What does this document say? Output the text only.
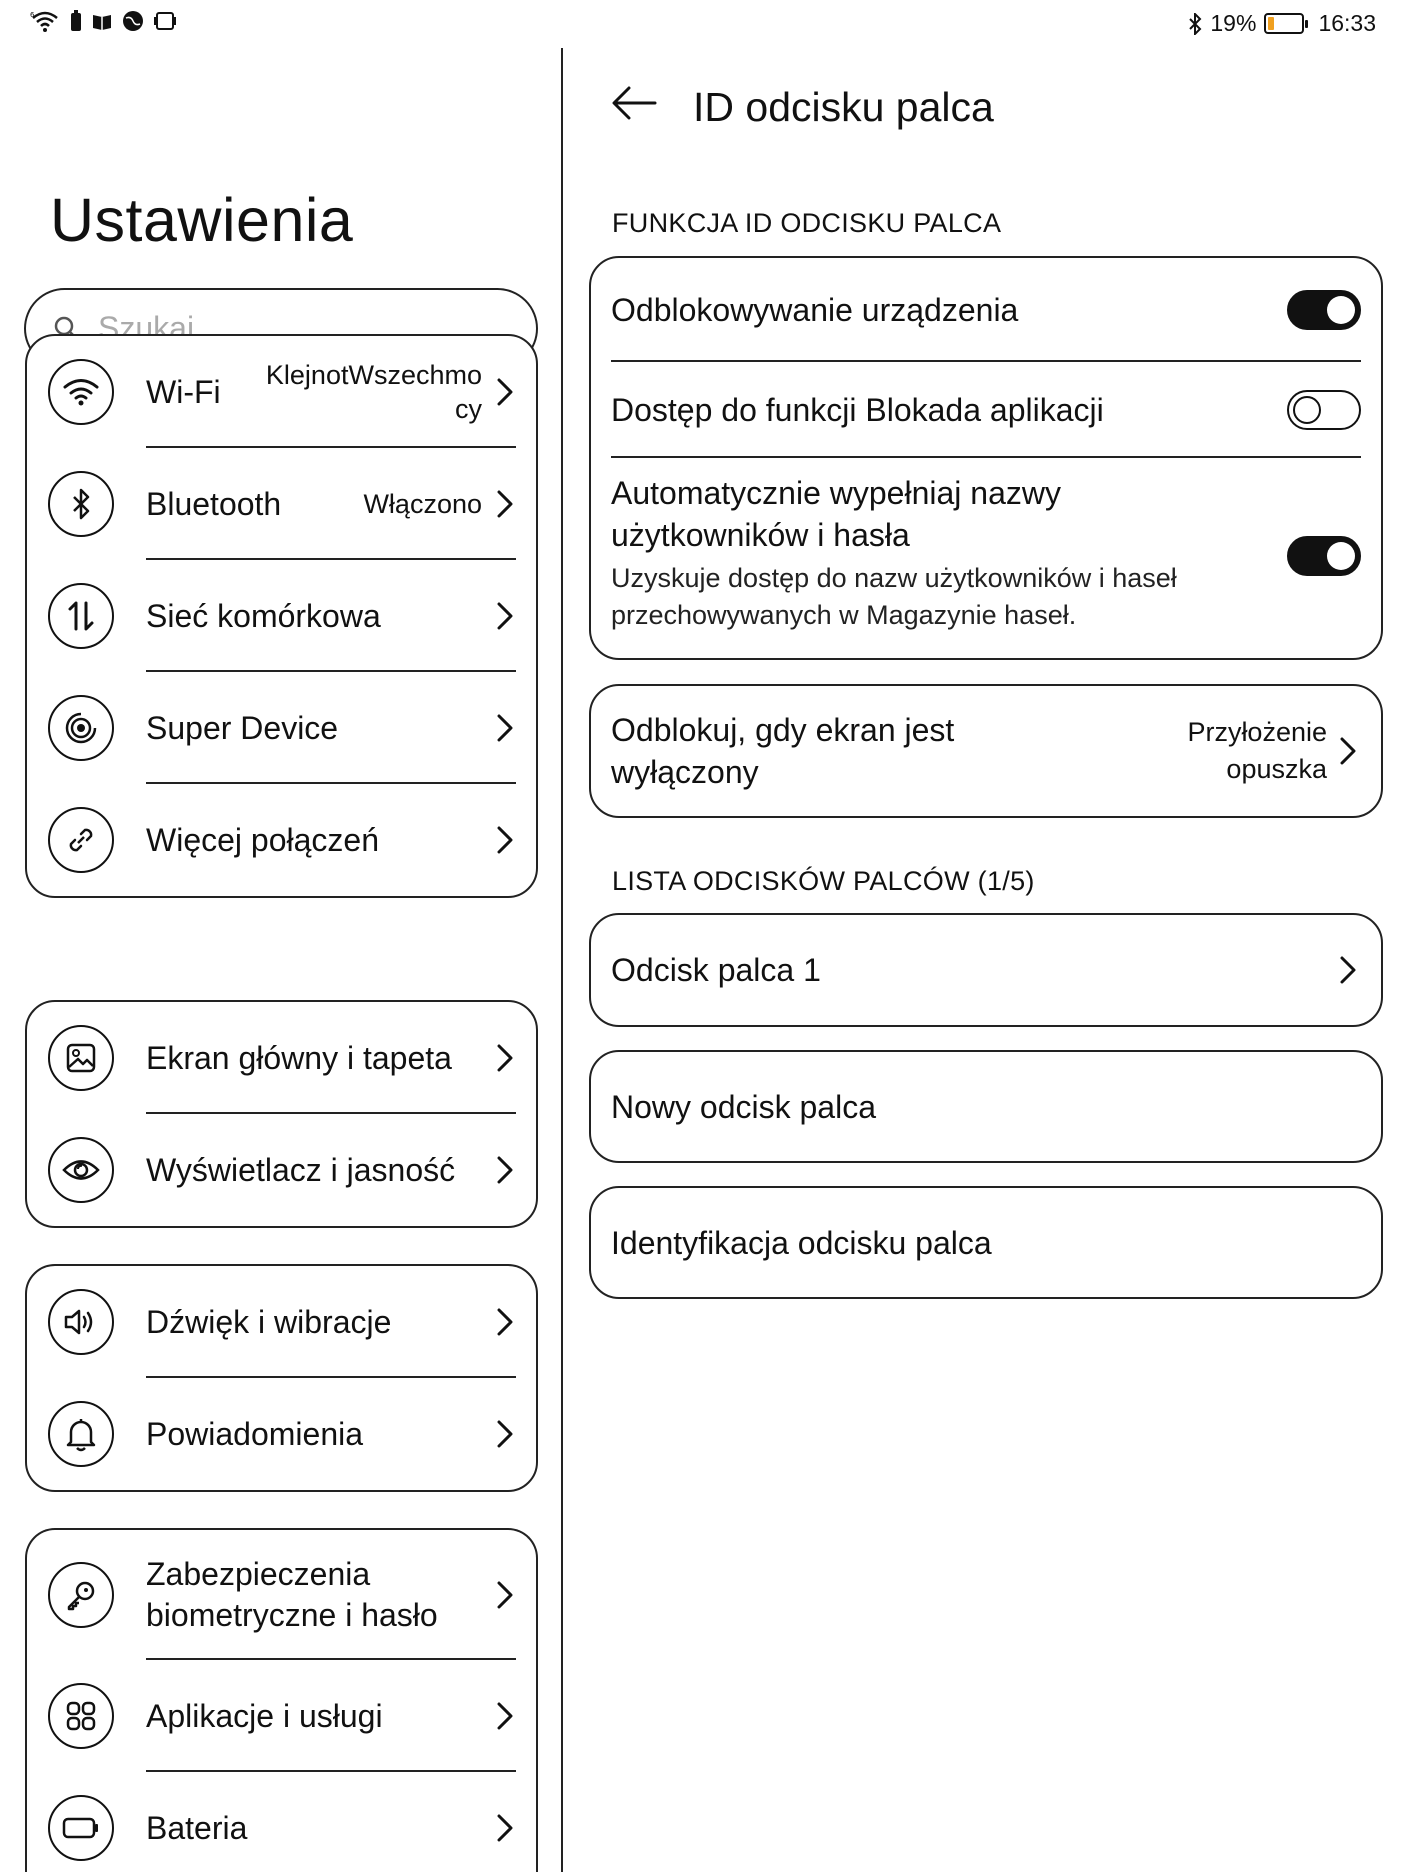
6	19%	16:33
Ustawienia
Szukaj
Wi-Fi KlejnotWszechmo
cy
Bluetooth	Włączono
Sieć komórkowa
Super Device
Więcej połączeń
Ekran główny i tapeta
Wyświetlacz i jasność
Dźwięk i wibracje
Powiadomienia
Zabezpieczenia
biometryczne i hasło
Aplikacje i usługi
Bateria
ID odcisku palca
FUNKCJA ID ODCISKU PALCA
Odblokowywanie urządzenia
Dostęp do funkcji Blokada aplikacji
Automatycznie wypełniaj nazwy
użytkowników i hasła
Uzyskuje dostęp do nazw użytkowników i haseł
przechowywanych w Magazynie haseł.
Odblokuj, gdy ekran jest
wyłączony
Przyłożenie
opuszka
LISTA ODCISKÓW PALCÓW (1/5)
Odcisk palca 1
Nowy odcisk palca
Identyfikacja odcisku palca
